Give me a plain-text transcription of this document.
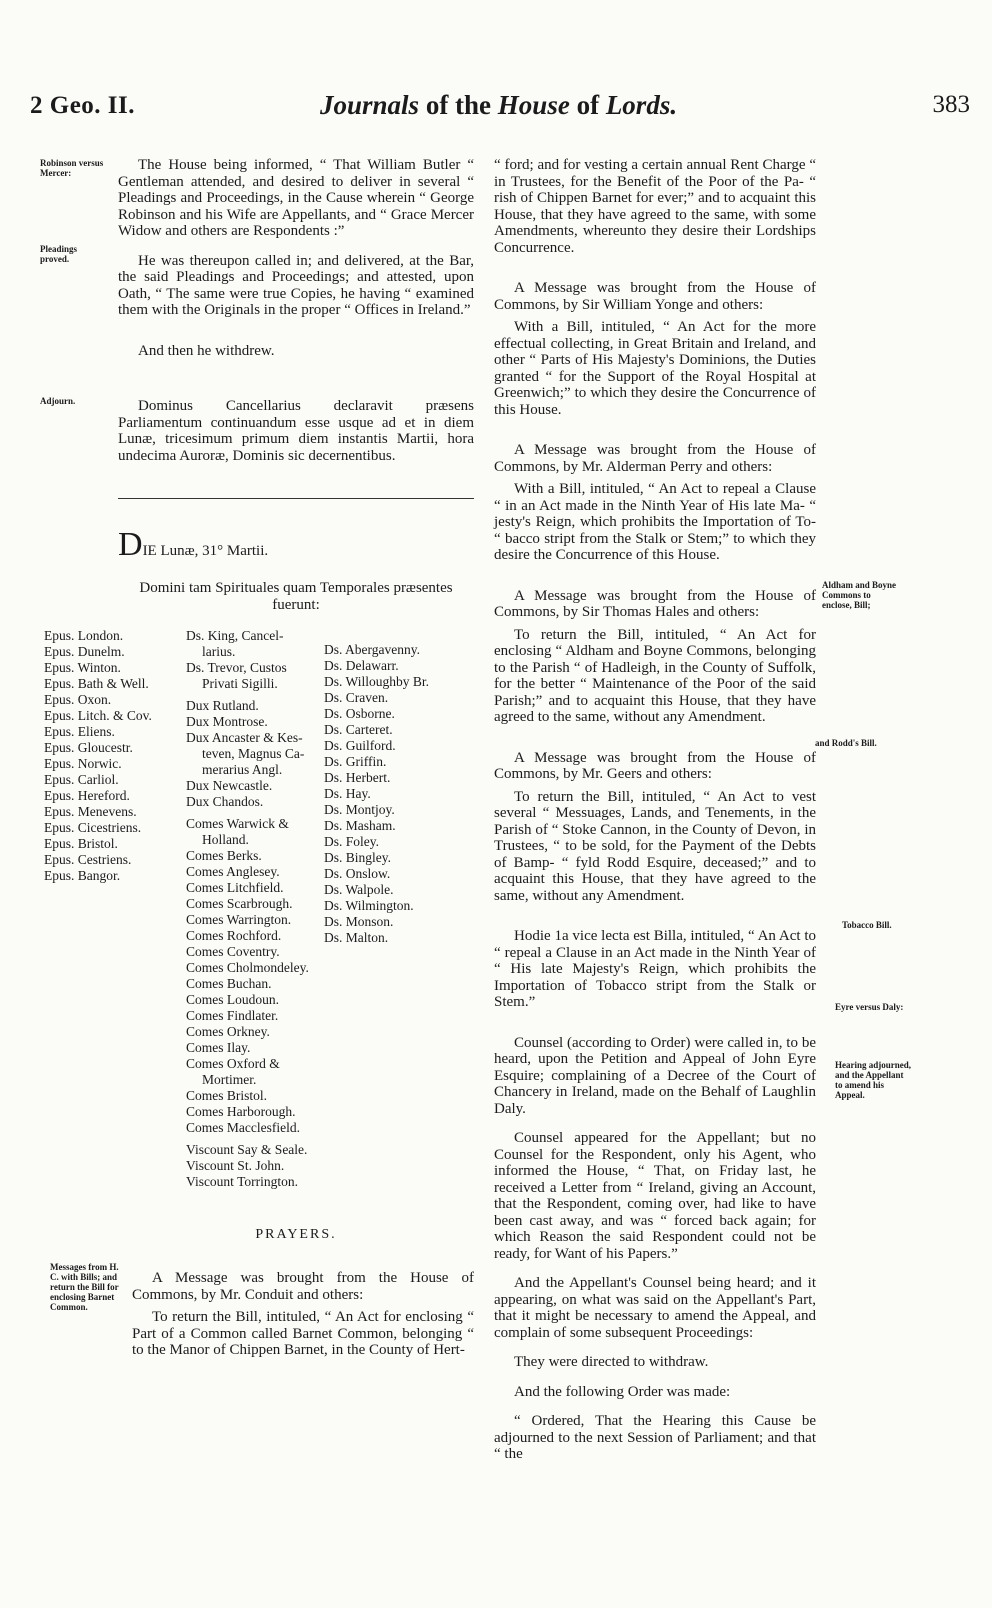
2 Geo. II.	Journals of the House of Lords.	383
Robinson versus Mercer:
Pleadings proved.
Adjourn.
Messages from H. C. with Bills; and return the Bill for enclosing Barnet Common.
Aldham and Boyne Commons to enclose, Bill;
and Rodd's Bill.
Tobacco Bill.
Eyre versus Daly:
Hearing adjourned, and the Appellant to amend his Appeal.

The House being informed, “ That William Butler “ Gentleman attended, and desired to deliver in several “ Pleadings and Proceedings, in the Cause wherein “ George Robinson and his Wife are Appellants, and “ Grace Mercer Widow and others are Respondents :”

He was thereupon called in; and delivered, at the Bar, the said Pleadings and Proceedings; and attested, upon Oath, “ The same were true Copies, he having “ examined them with the Originals in the proper “ Offices in Ireland.”

And then he withdrew.

Dominus Cancellarius declaravit præsens Parliamentum continuandum esse usque ad et in diem Lunæ, tricesimum primum diem instantis Martii, hora undecima Auroræ, Dominis sic decernentibus.

DIE Lunæ, 31° Martii.

Domini tam Spirituales quam Temporales præsentes fuerunt:

Epus. London.
Epus. Dunelm.
Epus. Winton.
Epus. Bath & Well.
Epus. Oxon.
Epus. Litch. & Cov.
Epus. Eliens.
Epus. Gloucestr.
Epus. Norwic.
Epus. Carliol.
Epus. Hereford.
Epus. Menevens.
Epus. Cicestriens.
Epus. Bristol.
Epus. Cestriens.
Epus. Bangor.
Ds. King, Cancel-
larius.
Ds. Trevor, Custos
Privati Sigilli.
Dux Rutland.
Dux Montrose.
Dux Ancaster & Kes-
teven, Magnus Ca-
merarius Angl.
Dux Newcastle.
Dux Chandos.
Comes Warwick &
Holland.
Comes Berks.
Comes Anglesey.
Comes Litchfield.
Comes Scarbrough.
Comes Warrington.
Comes Rochford.
Comes Coventry.
Comes Cholmondeley.
Comes Buchan.
Comes Loudoun.
Comes Findlater.
Comes Orkney.
Comes Ilay.
Comes Oxford &
Mortimer.
Comes Bristol.
Comes Harborough.
Comes Macclesfield.
Viscount Say & Seale.
Viscount St. John.
Viscount Torrington.
Ds. Abergavenny.
Ds. Delawarr.
Ds. Willoughby Br.
Ds. Craven.
Ds. Osborne.
Ds. Carteret.
Ds. Guilford.
Ds. Griffin.
Ds. Herbert.
Ds. Hay.
Ds. Montjoy.
Ds. Masham.
Ds. Foley.
Ds. Bingley.
Ds. Onslow.
Ds. Walpole.
Ds. Wilmington.
Ds. Monson.
Ds. Malton.
PRAYERS.

A Message was brought from the House of Commons, by Mr. Conduit and others:

To return the Bill, intituled, “ An Act for enclosing “ Part of a Common called Barnet Common, belonging “ to the Manor of Chippen Barnet, in the County of Hert-

“ ford; and for vesting a certain annual Rent Charge “ in Trustees, for the Benefit of the Poor of the Pa- “ rish of Chippen Barnet for ever;” and to acquaint this House, that they have agreed to the same, with some Amendments, whereunto they desire their Lordships Concurrence.

A Message was brought from the House of Commons, by Sir William Yonge and others:

With a Bill, intituled, “ An Act for the more effectual collecting, in Great Britain and Ireland, and other “ Parts of His Majesty's Dominions, the Duties granted “ for the Support of the Royal Hospital at Greenwich;” to which they desire the Concurrence of this House.

A Message was brought from the House of Commons, by Mr. Alderman Perry and others:

With a Bill, intituled, “ An Act to repeal a Clause “ in an Act made in the Ninth Year of His late Ma- “ jesty's Reign, which prohibits the Importation of To- “ bacco stript from the Stalk or Stem;” to which they desire the Concurrence of this House.

A Message was brought from the House of Commons, by Sir Thomas Hales and others:

To return the Bill, intituled, “ An Act for enclosing “ Aldham and Boyne Commons, belonging to the Parish “ of Hadleigh, in the County of Suffolk, for the better “ Maintenance of the Poor of the said Parish;” and to acquaint this House, that they have agreed to the same, without any Amendment.

A Message was brought from the House of Commons, by Mr. Geers and others:

To return the Bill, intituled, “ An Act to vest several “ Messuages, Lands, and Tenements, in the Parish of “ Stoke Cannon, in the County of Devon, in Trustees, “ to be sold, for the Payment of the Debts of Bamp- “ fyld Rodd Esquire, deceased;” and to acquaint this House, that they have agreed to the same, without any Amendment.

Hodie 1a vice lecta est Billa, intituled, “ An Act to “ repeal a Clause in an Act made in the Ninth Year of “ His late Majesty's Reign, which prohibits the Importation of Tobacco stript from the Stalk or Stem.”

Counsel (according to Order) were called in, to be heard, upon the Petition and Appeal of John Eyre Esquire; complaining of a Decree of the Court of Chancery in Ireland, made on the Behalf of Laughlin Daly.

Counsel appeared for the Appellant; but no Counsel for the Respondent, only his Agent, who informed the House, “ That, on Friday last, he received a Letter from “ Ireland, giving an Account, that the Respondent, coming over, had like to have been cast away, and was “ forced back again; for which Reason the said Respondent could not be ready, for Want of his Papers.”

And the Appellant's Counsel being heard; and it appearing, on what was said on the Appellant's Part, that it might be necessary to amend the Appeal, and complain of some subsequent Proceedings:

They were directed to withdraw.

And the following Order was made:

“ Ordered, That the Hearing this Cause be adjourned to the next Session of Parliament; and that “ the
